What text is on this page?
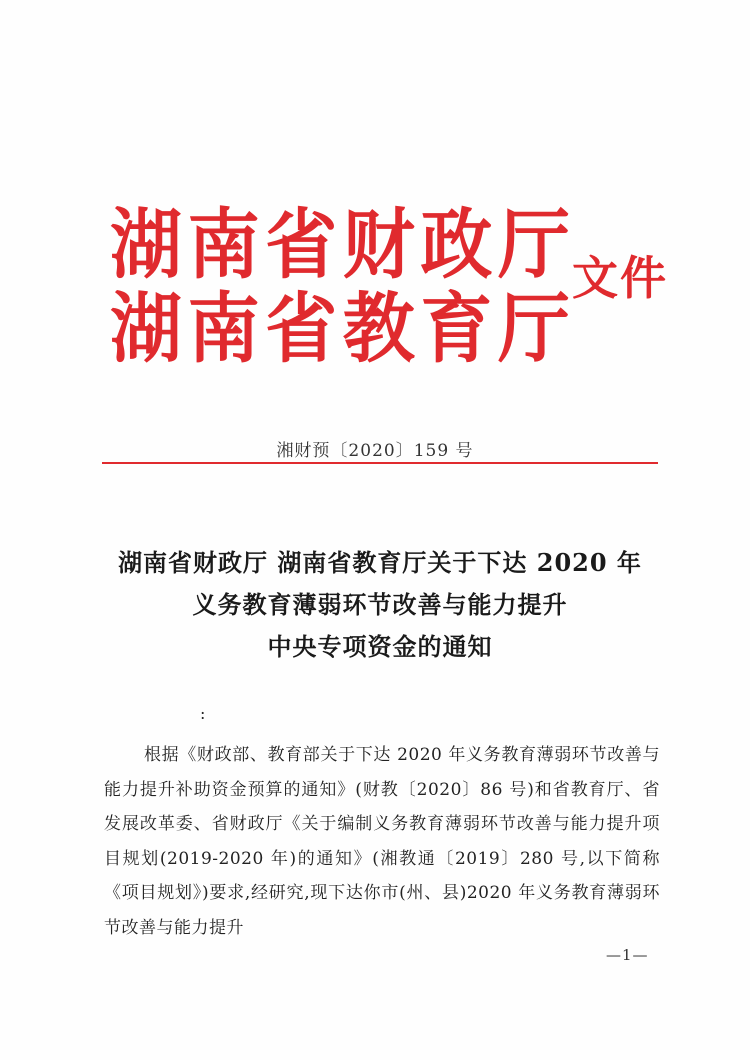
湖 南 省 财 政 厅
湖 南 省 教 育 厅
文件
湘财预〔2020〕159 号
湖南省财政厅 湖南省教育厅关于下达 2020 年
义务教育薄弱环节改善与能力提升
中央专项资金的通知
:
根据《财政部、教育部关于下达 2020 年义务教育薄弱环节改善与能力提升补助资金预算的通知》(财教〔2020〕86 号)和省教育厅、省发展改革委、省财政厅《关于编制义务教育薄弱环节改善与能力提升项目规划(2019-2020 年)的通知》(湘教通〔2019〕280 号,以下简称《项目规划》)要求,经研究,现下达你市(州、县)2020 年义务教育薄弱环节改善与能力提升
—1—
